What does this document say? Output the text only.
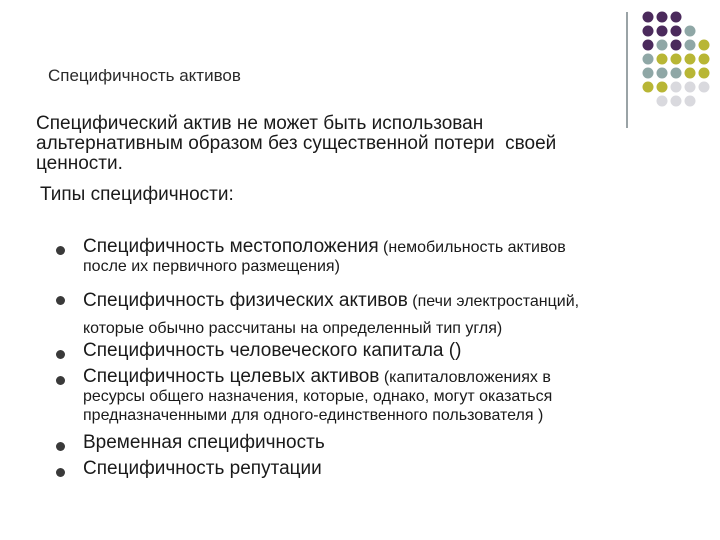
Специфичность активов
Специфический актив не может быть использован
альтернативным образом без существенной потери  своей
ценности.
Типы специфичности:
Специфичность местоположения (немобильность активов
после их первичного размещения)
Специфичность физических активов (печи электростанций,
которые обычно рассчитаны на определенный тип угля)
Специфичность человеческого капитала ()
Специфичность целевых активов (капиталовложениях в
ресурсы общего назначения, которые, однако, могут оказаться
предназначенными для одного-единственного пользователя )
Временная специфичность
Специфичность репутации
